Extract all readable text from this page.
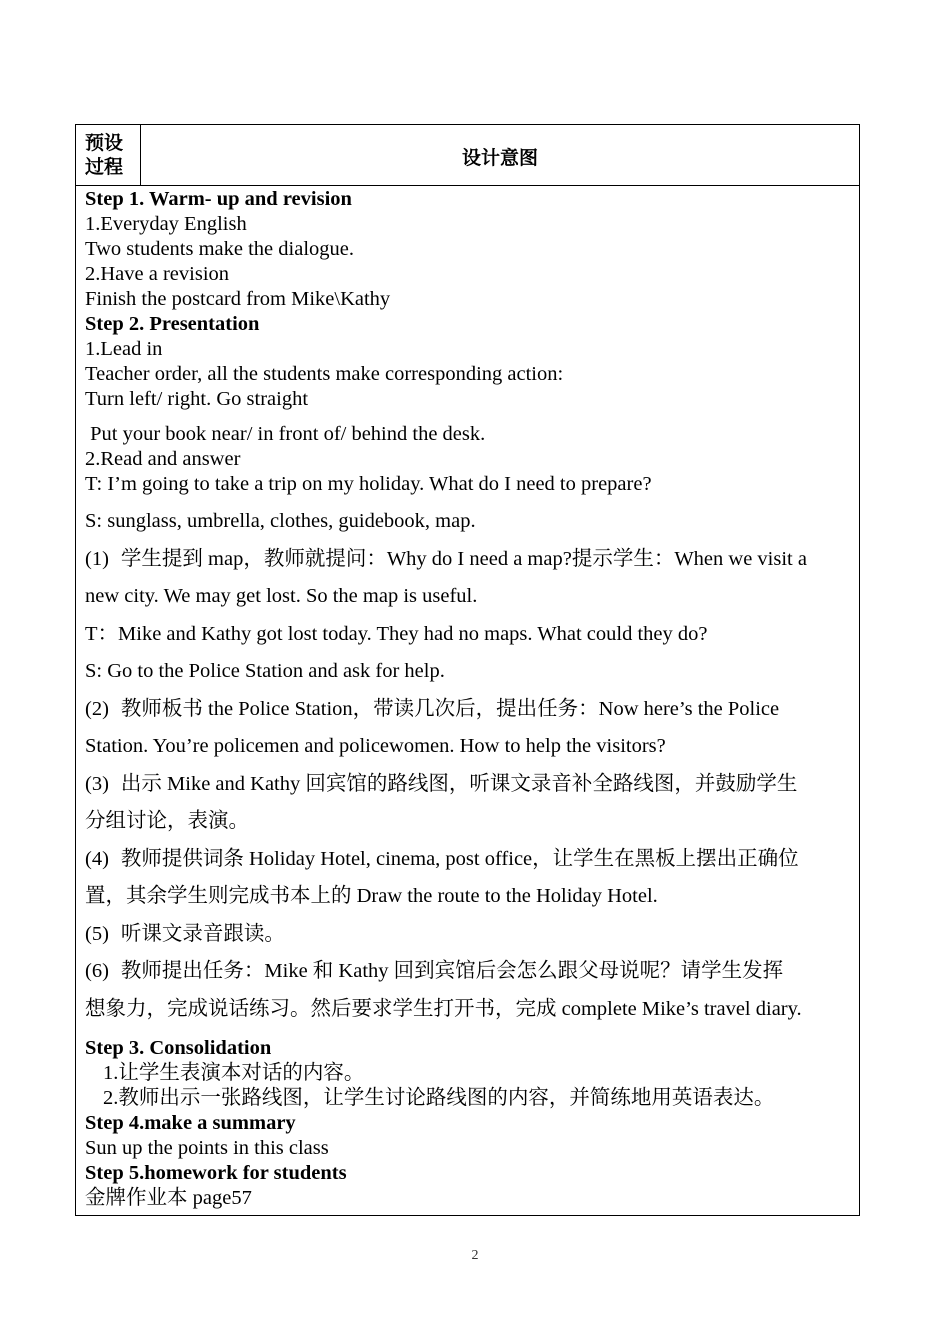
预设
过程	设计意图
Step 1. Warm- up and revision
1.Everyday English
Two students make the dialogue.
2.Have a revision
Finish the postcard from Mike\Kathy
Step 2. Presentation
1.Lead in
Teacher order, all the students make corresponding action:
Turn left/ right. Go straight
Put your book near/ in front of/ behind the desk.
2.Read and answer
T: I’m going to take a trip on my holiday. What do I need to prepare?
S: sunglass, umbrella, clothes, guidebook, map.
(1) 学生提到 map，教师就提问：Why do I need a map?提示学生：When we visit a
new city. We may get lost. So the map is useful.
T：Mike and Kathy got lost today. They had no maps. What could they do?
S: Go to the Police Station and ask for help.
(2) 教师板书 the Police Station，带读几次后，提出任务：Now here’s the Police
Station. You’re policemen and policewomen. How to help the visitors?
(3) 出示 Mike and Kathy 回宾馆的路线图，听课文录音补全路线图，并鼓励学生
分组讨论，表演。
(4) 教师提供词条 Holiday Hotel, cinema, post office，让学生在黑板上摆出正确位
置，其余学生则完成书本上的 Draw the route to the Holiday Hotel.
(5) 听课文录音跟读。
(6) 教师提出任务：Mike 和 Kathy 回到宾馆后会怎么跟父母说呢？请学生发挥
想象力，完成说话练习。然后要求学生打开书，完成 complete Mike’s travel diary.
Step 3. Consolidation
1.让学生表演本对话的内容。
2.教师出示一张路线图，让学生讨论路线图的内容，并简练地用英语表达。
Step 4.make a summary
Sun up the points in this class
Step 5.homework for students
金牌作业本 page57
2
